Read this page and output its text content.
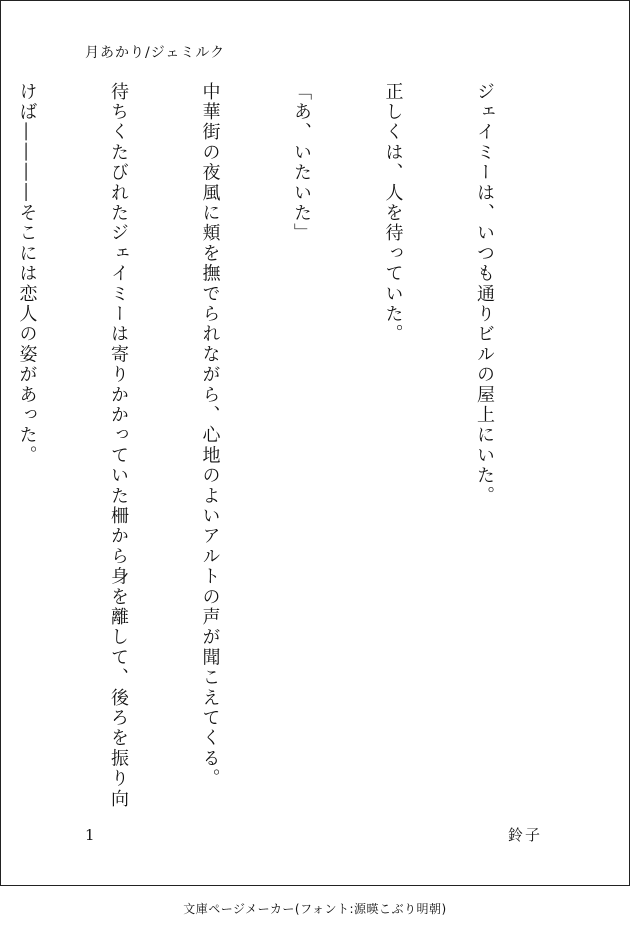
月あかり/ジェミルク

ジェイミーは、いつも通りビルの屋上にいた。

正しくは、人を待っていた。

「あ、いたいた」

中華街の夜風に頬を撫でられながら、心地のよいアルトの声が聞こえてくる。

待ちくたびれたジェイミーは寄りかかっていた柵から身を離して、後ろを振り向

けば――――そこには恋人の姿があった。

1	鈴子
文庫ページメーカー(フォント:源暎こぶり明朝)
